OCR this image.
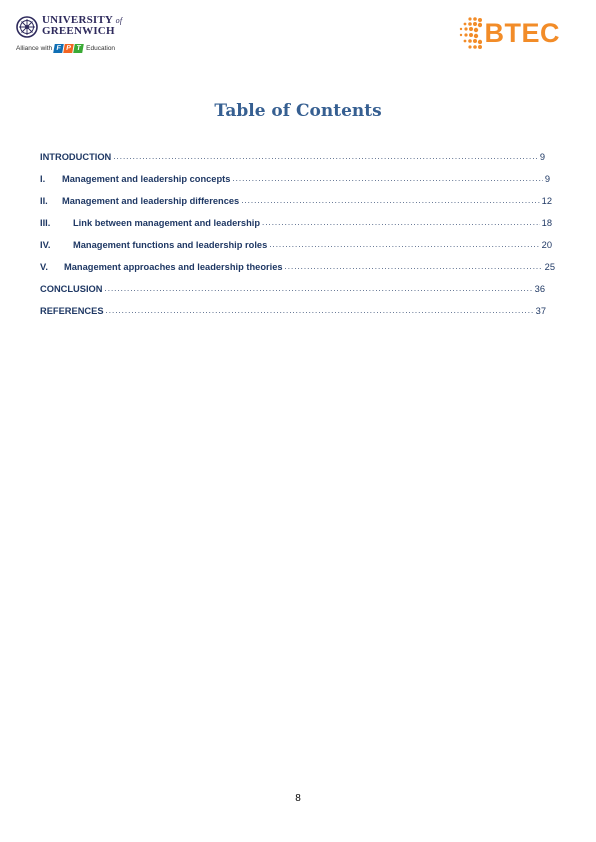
UNIVERSITY of
GREENWICH
Alliance with F P T Education
BTEC
Table of Contents
INTRODUCTION .....	9
I.	Management and leadership concepts .....	9
II.	Management and leadership differences .....	12
III.	Link between management and leadership .....	18
IV.	Management functions and leadership roles .....	20
V.	Management approaches and leadership theories .....	25
CONCLUSION .....	36
REFERENCES .....	37
8
